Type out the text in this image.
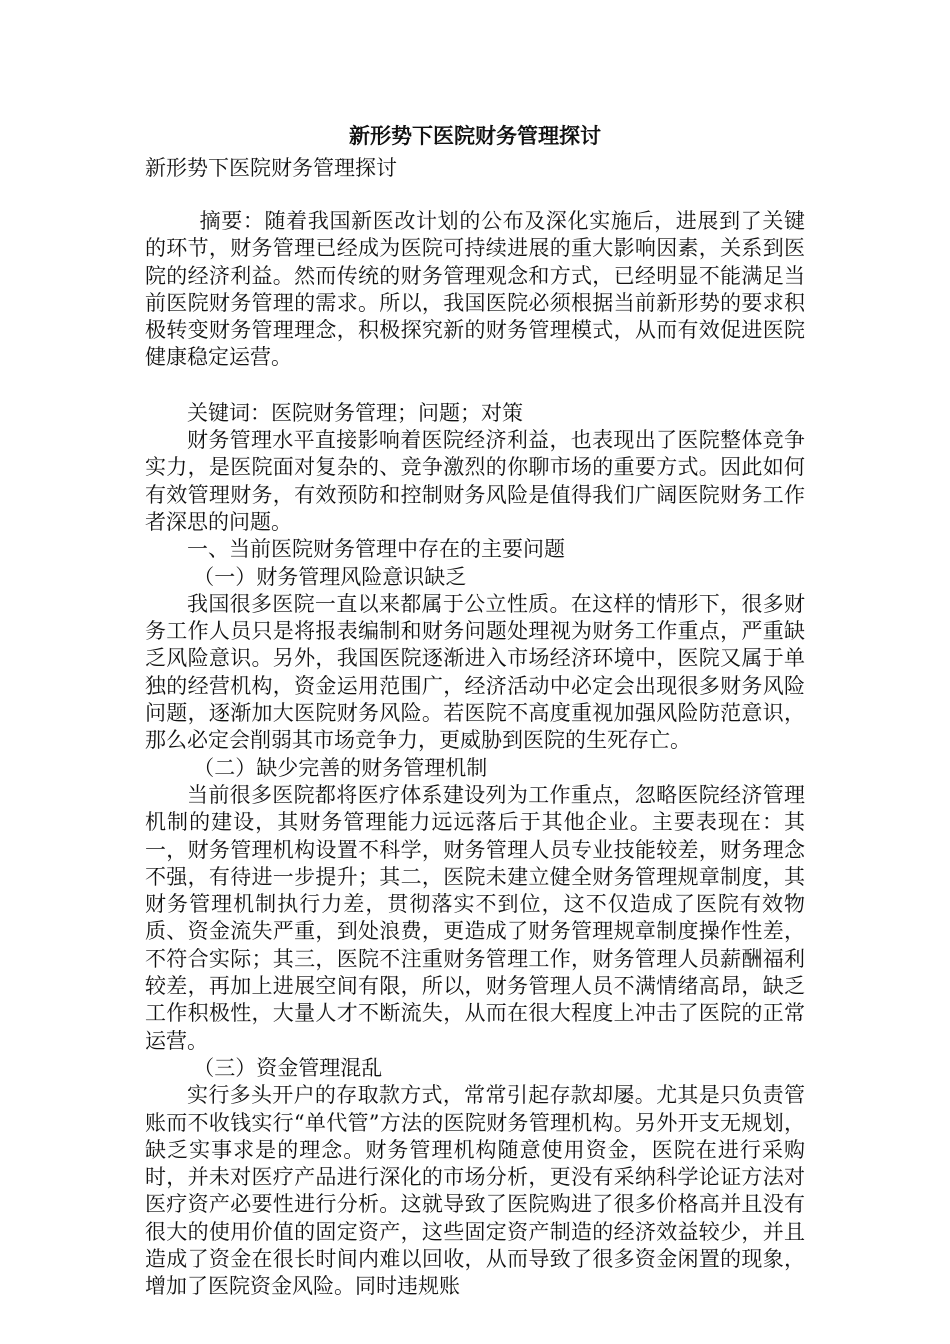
新形势下医院财务管理探讨

新形势下医院财务管理探讨

摘要：随着我国新医改计划的公布及深化实施后，进展到了关键的环节，财务管理已经成为医院可持续进展的重大影响因素，关系到医院的经济利益。然而传统的财务管理观念和方式，已经明显不能满足当前医院财务管理的需求。所以，我国医院必须根据当前新形势的要求积极转变财务管理理念，积极探究新的财务管理模式，从而有效促进医院健康稳定运营。

关键词：医院财务管理；问题；对策

财务管理水平直接影响着医院经济利益，也表现出了医院整体竞争实力，是医院面对复杂的、竞争激烈的你聊市场的重要方式。因此如何有效管理财务，有效预防和控制财务风险是值得我们广阔医院财务工作者深思的问题。

一、当前医院财务管理中存在的主要问题

（一）财务管理风险意识缺乏

我国很多医院一直以来都属于公立性质。在这样的情形下，很多财务工作人员只是将报表编制和财务问题处理视为财务工作重点，严重缺乏风险意识。另外，我国医院逐渐进入市场经济环境中，医院又属于单独的经营机构，资金运用范围广，经济活动中必定会出现很多财务风险问题，逐渐加大医院财务风险。若医院不高度重视加强风险防范意识，那么必定会削弱其市场竞争力，更威胁到医院的生死存亡。

（二）缺少完善的财务管理机制

当前很多医院都将医疗体系建设列为工作重点，忽略医院经济管理机制的建设，其财务管理能力远远落后于其他企业。主要表现在：其一，财务管理机构设置不科学，财务管理人员专业技能较差，财务理念不强，有待进一步提升；其二，医院未建立健全财务管理规章制度，其财务管理机制执行力差，贯彻落实不到位，这不仅造成了医院有效物质、资金流失严重，到处浪费，更造成了财务管理规章制度操作性差，不符合实际；其三，医院不注重财务管理工作，财务管理人员薪酬福利较差，再加上进展空间有限，所以，财务管理人员不满情绪高昂，缺乏工作积极性，大量人才不断流失，从而在很大程度上冲击了医院的正常运营。

（三）资金管理混乱

实行多头开户的存取款方式，常常引起存款却屡。尤其是只负责管账而不收钱实行“单代管”方法的医院财务管理机构。另外开支无规划，缺乏实事求是的理念。财务管理机构随意使用资金，医院在进行采购时，并未对医疗产品进行深化的市场分析，更没有采纳科学论证方法对医疗资产必要性进行分析。这就导致了医院购进了很多价格高并且没有很大的使用价值的固定资产，这些固定资产制造的经济效益较少，并且造成了资金在很长时间内难以回收，从而导致了很多资金闲置的现象，增加了医院资金风险。同时违规账
